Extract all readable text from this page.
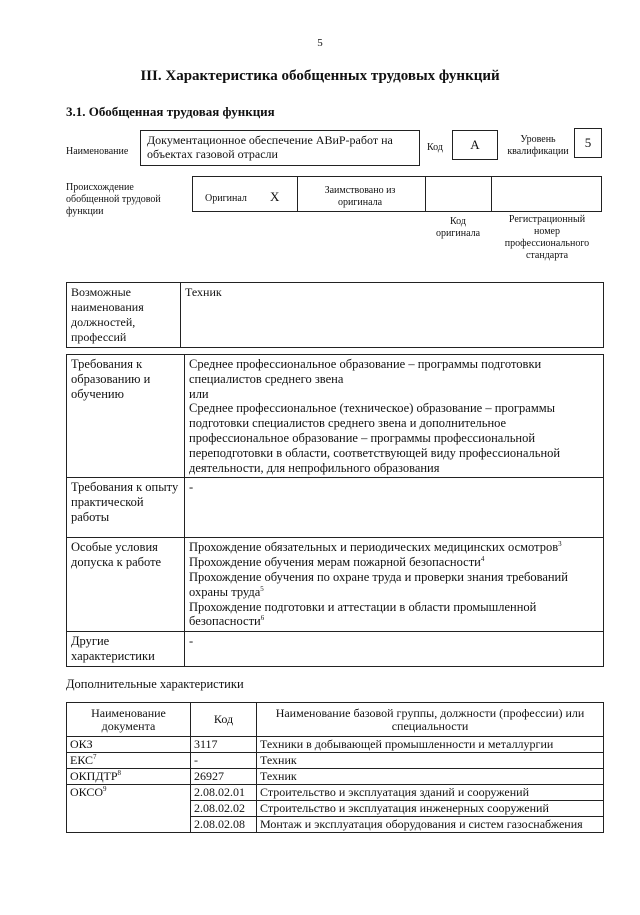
5
III. Характеристика обобщенных трудовых функций
3.1. Обобщенная трудовая функция
Наименование
Документационное обеспечение АВиР-работ на объектах газовой отрасли	Код	А	Уровень квалификации
5
Происхождение обобщенной трудовой функции
Оригинал Х	Заимствовано из оригинала
Код оригинала
Регистрационный номер профессионального стандарта
Возможные наименования должностей, профессий	Техник
Требования к образованию и обучению	Среднее профессиональное образование – программы подготовки специалистов среднего звена
или
Среднее профессиональное (техническое) образование – программы подготовки специалистов среднего звена и дополнительное профессиональное образование – программы профессиональной переподготовки в области, соответствующей виду профессиональной деятельности, для непрофильного образования

Требования к опыту практической работы	-
Особые условия допуска к работе	Прохождение обязательных и периодических медицинских осмотров$^3$
Прохождение обучения мерам пожарной безопасности$^4$
Прохождение обучения по охране труда и проверки знания требований охраны труда$^5$
Прохождение подготовки и аттестации в области промышленной безопасности$^6$

Другие характеристики	-
Дополнительные характеристики
Наименование документа	Код	Наименование базовой группы, должности (профессии) или специальности
ОКЗ	3117	Техники в добывающей промышленности и металлургии
ЕКС$^7$	-	Техник
ОКПДТР$^8$	26927	Техник
ОКСО$^9$	2.08.02.01	Строительство и эксплуатация зданий и сооружений
	2.08.02.02	Строительство и эксплуатация инженерных сооружений
	2.08.02.08	Монтаж и эксплуатация оборудования и систем газоснабжения
